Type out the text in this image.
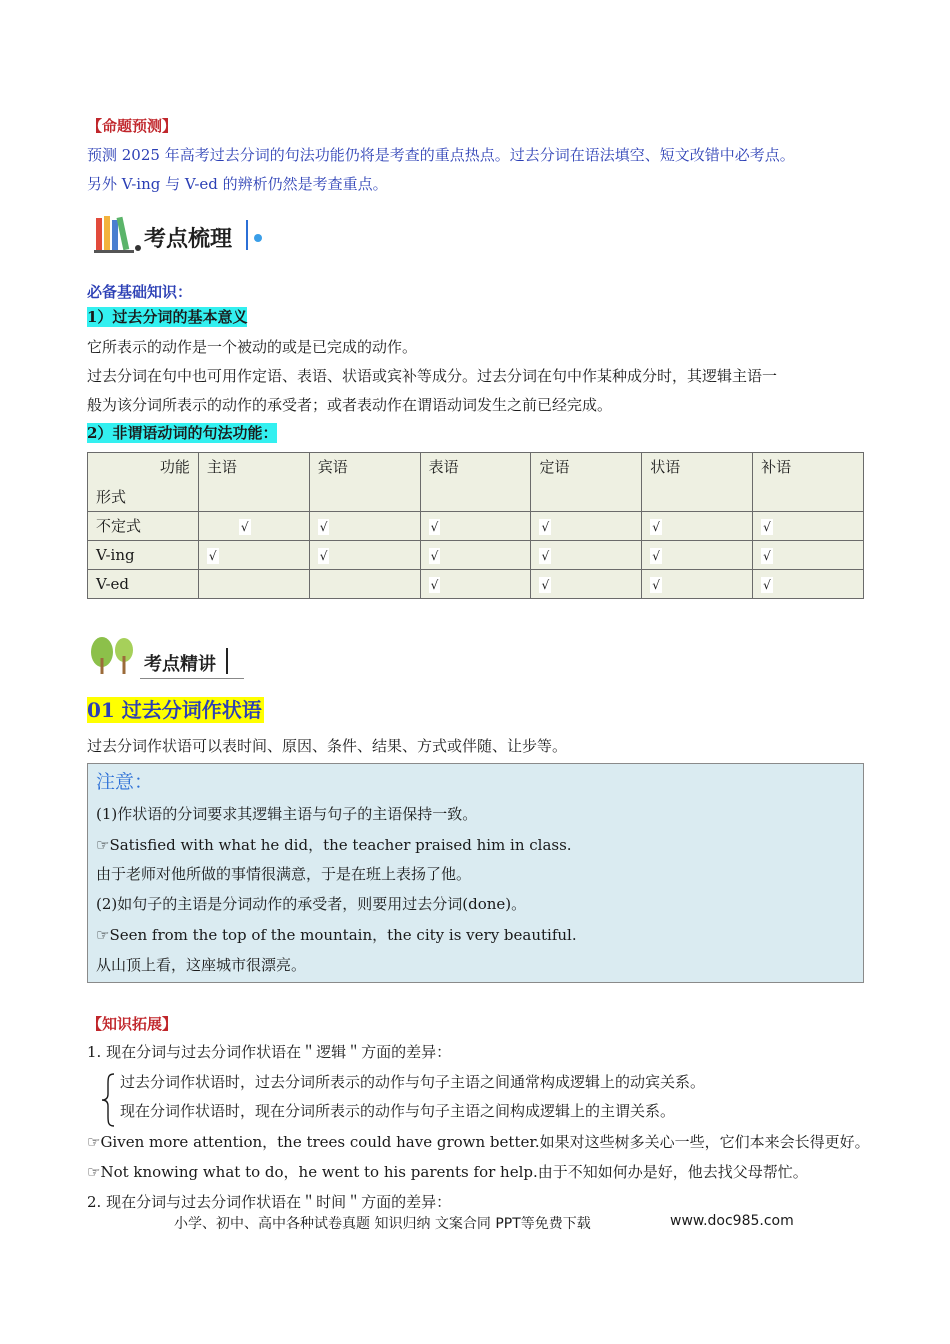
【命题预测】
预测 2025 年高考过去分词的句法功能仍将是考查的重点热点。过去分词在语法填空、短文改错中必考点。
另外 V-ing 与 V-ed 的辨析仍然是考查重点。
考点梳理
必备基础知识：
1）过去分词的基本意义
它所表示的动作是一个被动的或是已完成的动作。
过去分词在句中也可用作定语、表语、状语或宾补等成分。过去分词在句中作某种成分时，其逻辑主语一
般为该分词所表示的动作的承受者；或者表动作在谓语动词发生之前已经完成。
2）非谓语动词的句法功能：
功能
形式	主语	宾语	表语	定语	状语	补语
不定式	√	√	√	√	√	√
V-ing	√	√	√	√	√	√
V-ed			√	√	√	√
考点精讲
01 过去分词作状语
过去分词作状语可以表时间、原因、条件、结果、方式或伴随、让步等。
注意：
(1)作状语的分词要求其逻辑主语与句子的主语保持一致。
☞Satisfied with what he did，the teacher praised him in class.
由于老师对他所做的事情很满意，于是在班上表扬了他。
(2)如句子的主语是分词动作的承受者，则要用过去分词(done)。
☞Seen from the top of the mountain，the city is very beautiful.
从山顶上看，这座城市很漂亮。
【知识拓展】
1. 现在分词与过去分词作状语在＂逻辑＂方面的差异：
过去分词作状语时，过去分词所表示的动作与句子主语之间通常构成逻辑上的动宾关系。
现在分词作状语时，现在分词所表示的动作与句子主语之间构成逻辑上的主谓关系。
☞Given more attention，the trees could have grown better.如果对这些树多关心一些，它们本来会长得更好。
☞Not knowing what to do，he went to his parents for help.由于不知如何办是好，他去找父母帮忙。
2. 现在分词与过去分词作状语在＂时间＂方面的差异：
小学、初中、高中各种试卷真题 知识归纳 文案合同 PPT等免费下载	www.doc985.com
